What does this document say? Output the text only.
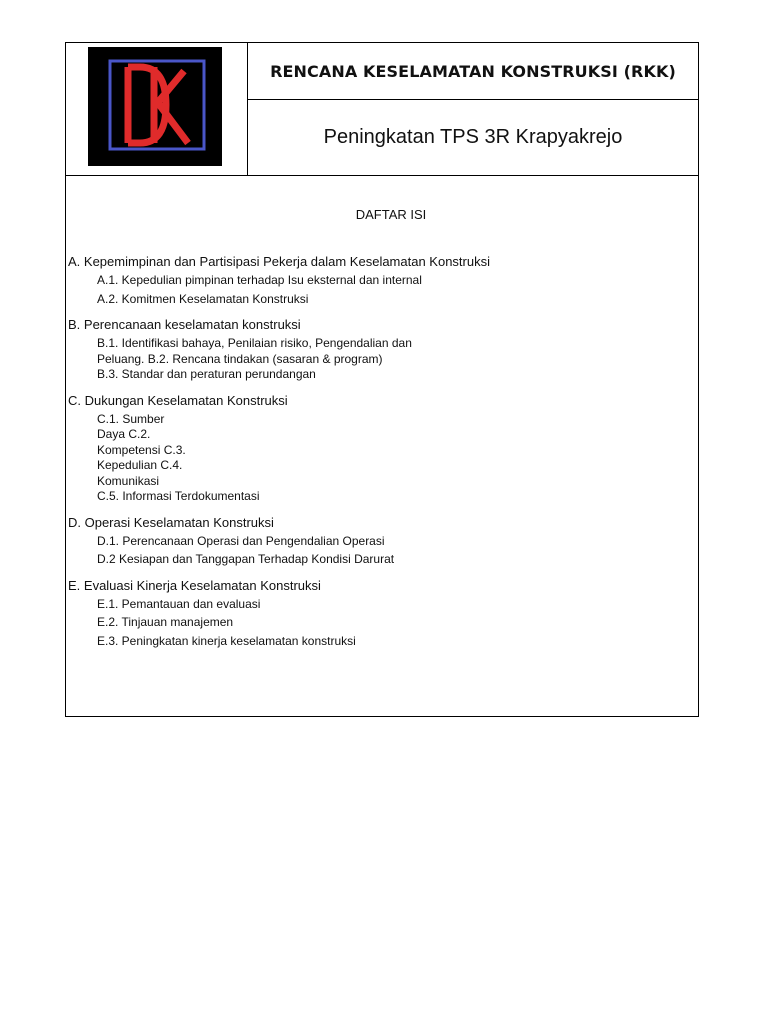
RENCANA KESELAMATAN KONSTRUKSI (RKK)
Peningkatan TPS 3R Krapyakrejo
DAFTAR ISI
A. Kepemimpinan dan Partisipasi Pekerja dalam Keselamatan Konstruksi
A.1. Kepedulian pimpinan terhadap Isu eksternal dan internal
A.2. Komitmen Keselamatan Konstruksi
B. Perencanaan keselamatan konstruksi
B.1. Identifikasi bahaya, Penilaian risiko, Pengendalian dan
Peluang. B.2. Rencana tindakan (sasaran & program)
B.3. Standar dan peraturan perundangan
C. Dukungan Keselamatan Konstruksi
C.1. Sumber
Daya C.2.
Kompetensi C.3.
Kepedulian C.4.
Komunikasi
C.5. Informasi Terdokumentasi
D. Operasi Keselamatan Konstruksi
D.1. Perencanaan Operasi dan Pengendalian Operasi
D.2 Kesiapan dan Tanggapan Terhadap Kondisi Darurat
E. Evaluasi Kinerja Keselamatan Konstruksi
E.1. Pemantauan dan evaluasi
E.2. Tinjauan manajemen
E.3. Peningkatan kinerja keselamatan konstruksi
